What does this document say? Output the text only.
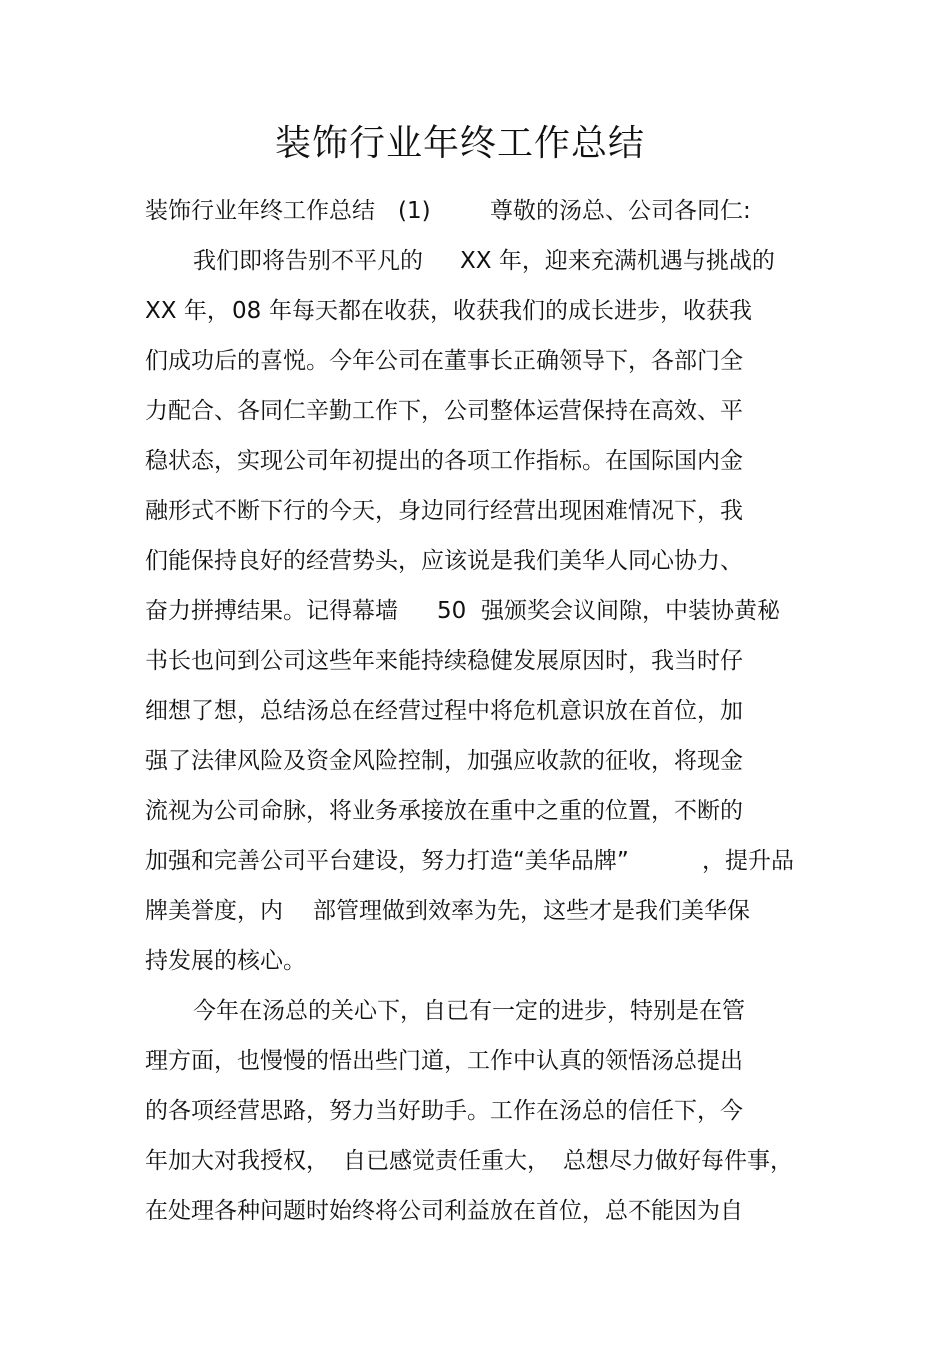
装饰行业年终工作总结
装饰行业年终工作总结 (1)	尊敬的汤总、公司各同仁:
我们即将告别不平凡的 XX 年，迎来充满机遇与挑战的
XX 年， 08 年每天都在收获，收获我们的成长进步，收获我
们成功后的喜悦。今年公司在董事长正确领导下，各部门全
力配合、各同仁辛勤工作下，公司整体运营保持在高效、平
稳状态，实现公司年初提出的各项工作指标。在国际国内金
融形式不断下行的今天，身边同行经营出现困难情况下，我
们能保持良好的经营势头，应该说是我们美华人同心协力、
奋力拼搏结果。记得幕墙 50 强颁奖会议间隙，中装协黄秘
书长也问到公司这些年来能持续稳健发展原因时，我当时仔
细想了想，总结汤总在经营过程中将危机意识放在首位，加
强了法律风险及资金风险控制，加强应收款的征收，将现金
流视为公司命脉，将业务承接放在重中之重的位置，不断的
加强和完善公司平台建设，努力打造“美华品牌”	，提升品
牌美誉度，内 部管理做到效率为先，这些才是我们美华保
持发展的核心。
今年在汤总的关心下，自已有一定的进步，特别是在管
理方面，也慢慢的悟出些门道，工作中认真的领悟汤总提出
的各项经营思路，努力当好助手。工作在汤总的信任下，今
年加大对我授权， 自已感觉责任重大， 总想尽力做好每件事，
在处理各种问题时始终将公司利益放在首位，总不能因为自
